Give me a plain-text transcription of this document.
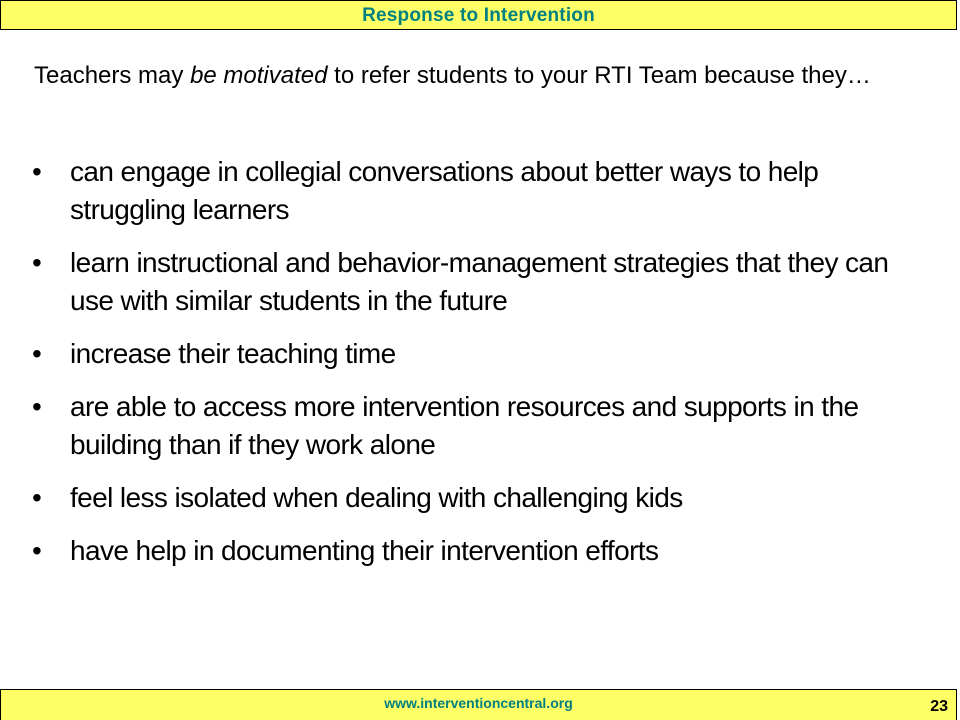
Response to Intervention
Teachers may be motivated to refer students to your RTI Team because they…
• can engage in collegial conversations about better ways to help struggling learners
• learn instructional and behavior-management strategies that they can use with similar students in the future
• increase their teaching time
• are able to access more intervention resources and supports in the building than if they work alone
• feel less isolated when dealing with challenging kids
• have help in documenting their intervention efforts
www.interventioncentral.org	23
